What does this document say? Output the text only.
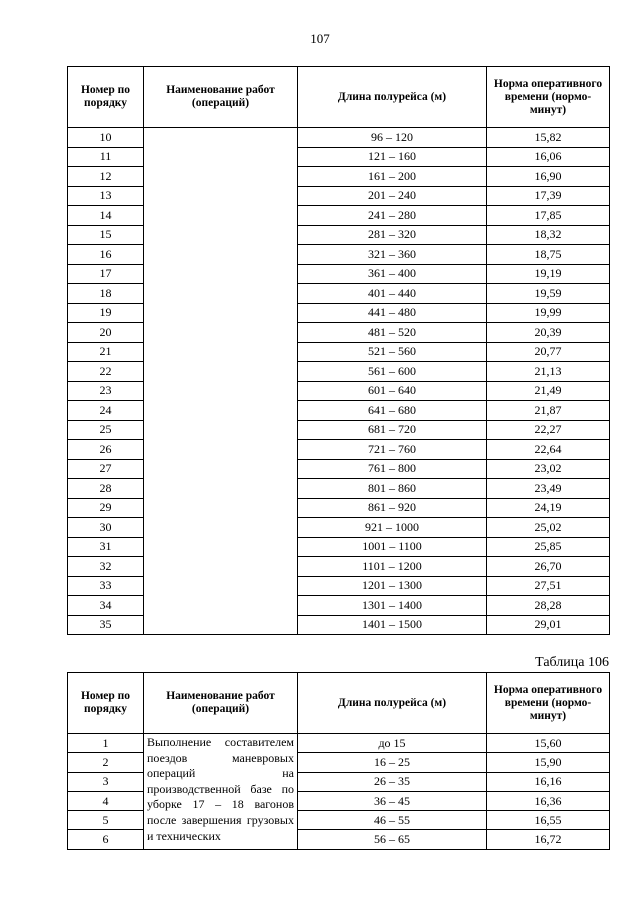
107
Номер по порядку	Наименование работ (операций)	Длина полурейса (м)	Норма оперативного времени (нормо-минут)
10		96 – 120	15,82
11		121 – 160	16,06
12		161 – 200	16,90
13		201 – 240	17,39
14		241 – 280	17,85
15		281 – 320	18,32
16		321 – 360	18,75
17		361 – 400	19,19
18		401 – 440	19,59
19		441 – 480	19,99
20		481 – 520	20,39
21		521 – 560	20,77
22		561 – 600	21,13
23		601 – 640	21,49
24		641 – 680	21,87
25		681 – 720	22,27
26		721 – 760	22,64
27		761 – 800	23,02
28		801 – 860	23,49
29		861 – 920	24,19
30		921 – 1000	25,02
31		1001 – 1100	25,85
32		1101 – 1200	26,70
33		1201 – 1300	27,51
34		1301 – 1400	28,28
35		1401 – 1500	29,01
Таблица 106
Номер по порядку	Наименование работ (операций)	Длина полурейса (м)	Норма оперативного времени (нормо-минут)
1	Выполнение составителем поездов маневровых операций на производственной базе по уборке 17 – 18 вагонов после завершения грузовых и технических	до 15	15,60
2		16 – 25	15,90
3		26 – 35	16,16
4		36 – 45	16,36
5		46 – 55	16,55
6		56 – 65	16,72
